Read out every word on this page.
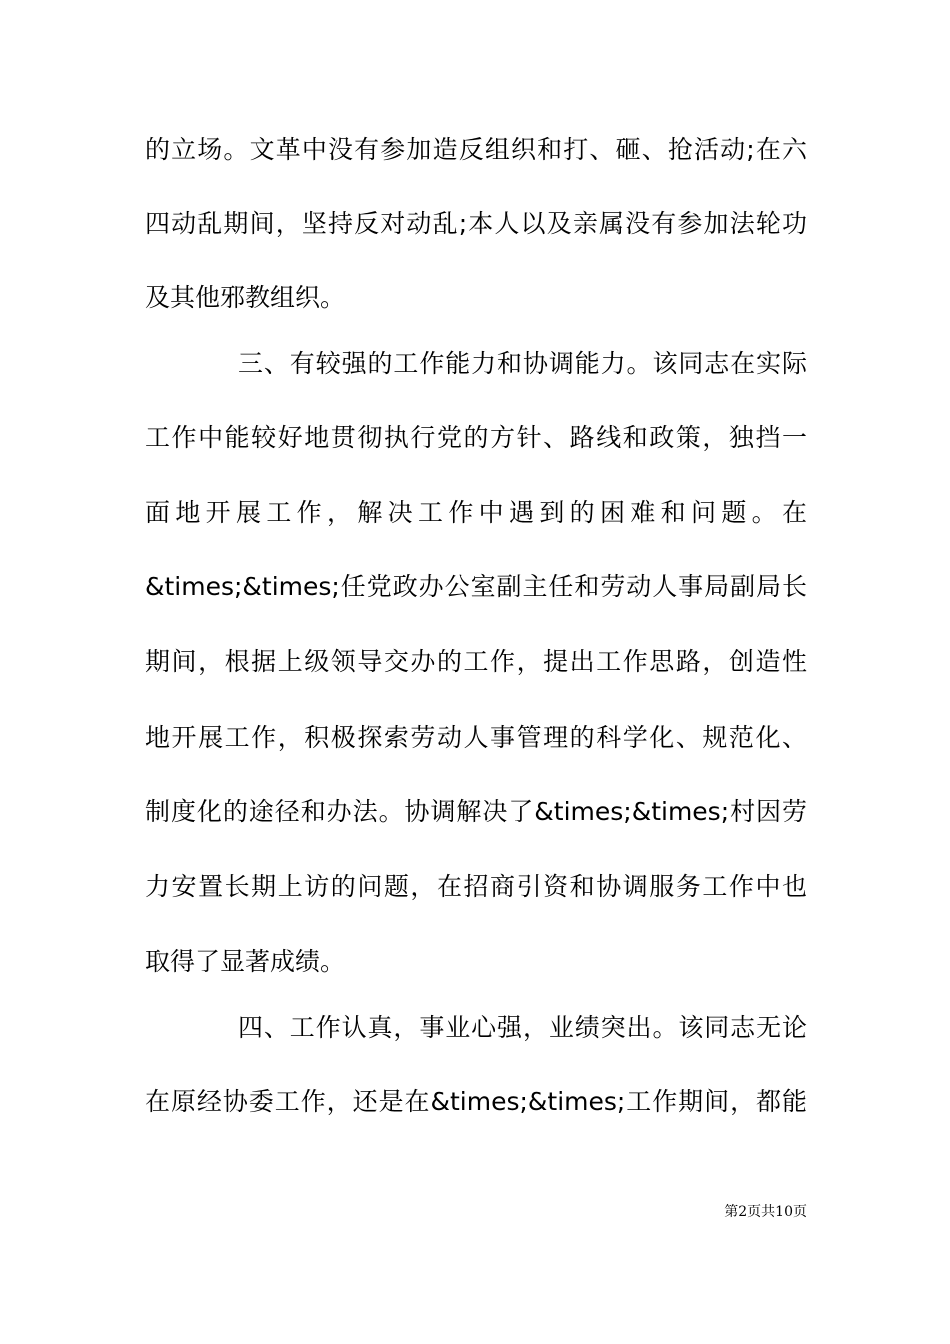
的立场。文革中没有参加造反组织和打、砸、抢活动;在六
四动乱期间，坚持反对动乱;本人以及亲属没有参加法轮功
及其他邪教组织。
三、有较强的工作能力和协调能力。该同志在实际
工作中能较好地贯彻执行党的方针、路线和政策，独挡一
面地开展工作，解决工作中遇到的困难和问题。在
&times;&times;任党政办公室副主任和劳动人事局副局长
期间，根据上级领导交办的工作，提出工作思路，创造性
地开展工作，积极探索劳动人事管理的科学化、规范化、
制度化的途径和办法。协调解决了&times;&times;村因劳
力安置长期上访的问题，在招商引资和协调服务工作中也
取得了显著成绩。
四、工作认真，事业心强，业绩突出。该同志无论
在原经协委工作，还是在&times;&times;工作期间，都能
第2页共10页
